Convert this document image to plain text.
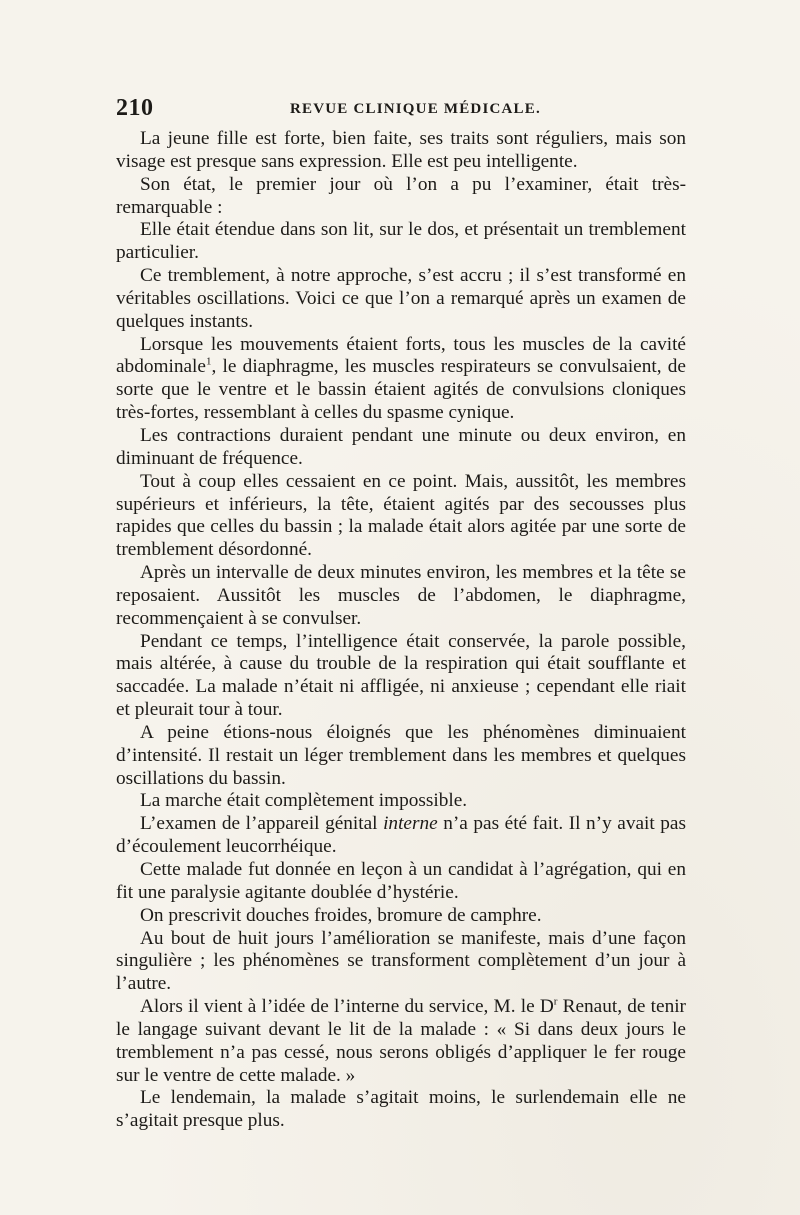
210	REVUE CLINIQUE MÉDICALE.

La jeune fille est forte, bien faite, ses traits sont réguliers, mais son visage est presque sans expression. Elle est peu intelligente.

Son état, le premier jour où l’on a pu l’examiner, était très-remarquable :

Elle était étendue dans son lit, sur le dos, et présentait un tremblement particulier.

Ce tremblement, à notre approche, s’est accru ; il s’est transformé en véritables oscillations. Voici ce que l’on a remarqué après un examen de quelques instants.

Lorsque les mouvements étaient forts, tous les muscles de la cavité abdominale$^1$, le diaphragme, les muscles respirateurs se convulsaient, de sorte que le ventre et le bassin étaient agités de convulsions cloniques très-fortes, ressemblant à celles du spasme cynique.

Les contractions duraient pendant une minute ou deux environ, en diminuant de fréquence.

Tout à coup elles cessaient en ce point. Mais, aussitôt, les membres supérieurs et inférieurs, la tête, étaient agités par des secousses plus rapides que celles du bassin ; la malade était alors agitée par une sorte de tremblement désordonné.

Après un intervalle de deux minutes environ, les membres et la tête se reposaient. Aussitôt les muscles de l’abdomen, le diaphragme, recommençaient à se convulser.

Pendant ce temps, l’intelligence était conservée, la parole possible, mais altérée, à cause du trouble de la respiration qui était soufflante et saccadée. La malade n’était ni affligée, ni anxieuse ; cependant elle riait et pleurait tour à tour.

A peine étions-nous éloignés que les phénomènes diminuaient d’intensité. Il restait un léger tremblement dans les membres et quelques oscillations du bassin.

La marche était complètement impossible.

L’examen de l’appareil génital interne n’a pas été fait. Il n’y avait pas d’écoulement leucorrhéique.

Cette malade fut donnée en leçon à un candidat à l’agrégation, qui en fit une paralysie agitante doublée d’hystérie.

On prescrivit douches froides, bromure de camphre.

Au bout de huit jours l’amélioration se manifeste, mais d’une façon singulière ; les phénomènes se transforment complètement d’un jour à l’autre.

Alors il vient à l’idée de l’interne du service, M. le $D^r$ Renaut, de tenir le langage suivant devant le lit de la malade : « Si dans deux jours le tremblement n’a pas cessé, nous serons obligés d’appliquer le fer rouge sur le ventre de cette malade. »

Le lendemain, la malade s’agitait moins, le surlendemain elle ne s’agitait presque plus.
